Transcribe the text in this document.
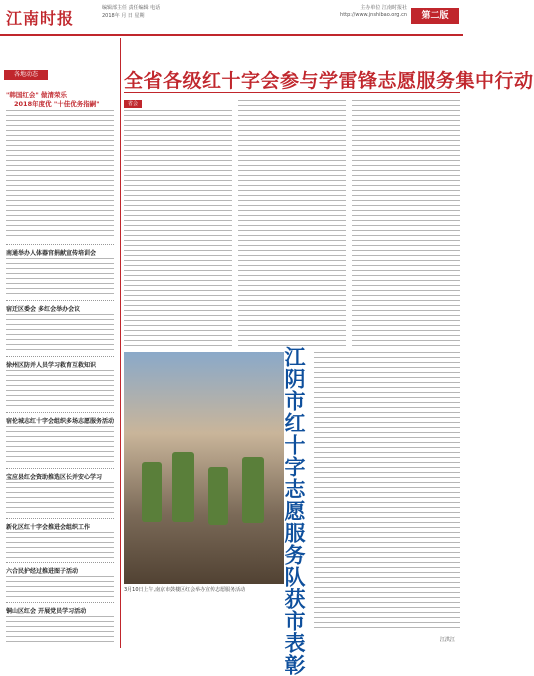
江南时报
编辑部主任 责任编辑 电话
2018年 月 日 星期
主办单位 江南时报社
http://www.jnshibao.org.cn	第二版
各地动态
"韩国红会" 做清荣乐
2018年度优 "十佳优务指嗣"
南通举办人体器官捐献宣传培训会
宿迁区委会 多红会举办会议
徐州区防并人员学习救育互救知识
宿伦城志红十字会组织多场志愿服务活动
宝应县红会资助推选区长并安心学习
新化区红十字会推进会组织工作
六合民护经过推进图子活动
铜山区红会 开展党员学习活动
全省各级红十字会参与学雷锋志愿服务集中行动
省会
3月10日上午,南京市鼓楼区红会举办宣传志愿服务活动	江阴市红十字志愿服务队获市表彰	江洪江
